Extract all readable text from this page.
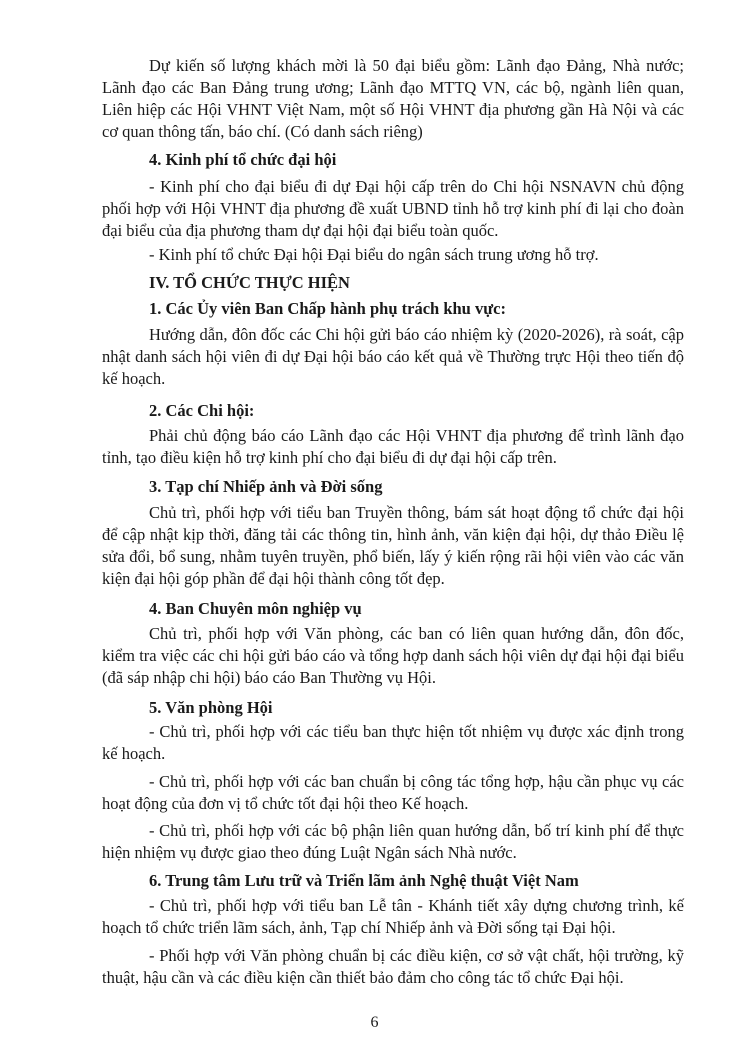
Dự kiến số lượng khách mời là 50 đại biểu gồm: Lãnh đạo Đảng, Nhà nước; Lãnh đạo các Ban Đảng trung ương; Lãnh đạo MTTQ VN, các bộ, ngành liên quan, Liên hiệp các Hội VHNT Việt Nam, một số Hội VHNT địa phương gần Hà Nội và các cơ quan thông tấn, báo chí. (Có danh sách riêng)

4. Kinh phí tổ chức đại hội

- Kinh phí cho đại biểu đi dự Đại hội cấp trên do Chi hội NSNAVN chủ động phối hợp với Hội VHNT địa phương đề xuất UBND tỉnh hỗ trợ kinh phí đi lại cho đoàn đại biểu của địa phương tham dự đại hội đại biểu toàn quốc.

- Kinh phí tổ chức Đại hội Đại biểu do ngân sách trung ương hỗ trợ.

IV. TỔ CHỨC THỰC HIỆN

1. Các Ủy viên Ban Chấp hành phụ trách khu vực:

Hướng dẫn, đôn đốc các Chi hội gửi báo cáo nhiệm kỳ (2020-2026), rà soát, cập nhật danh sách hội viên đi dự Đại hội báo cáo kết quả về Thường trực Hội theo tiến độ kế hoạch.

2. Các Chi hội:

Phải chủ động báo cáo Lãnh đạo các Hội VHNT địa phương để trình lãnh đạo tỉnh, tạo điều kiện hỗ trợ kinh phí cho đại biểu đi dự đại hội cấp trên.

3. Tạp chí Nhiếp ảnh và Đời sống

Chủ trì, phối hợp với tiểu ban Truyền thông, bám sát hoạt động tổ chức đại hội để cập nhật kịp thời, đăng tải các thông tin, hình ảnh, văn kiện đại hội, dự thảo Điều lệ sửa đổi, bổ sung, nhằm tuyên truyền, phổ biến, lấy ý kiến rộng rãi hội viên vào các văn kiện đại hội góp phần để đại hội thành công tốt đẹp.

4. Ban Chuyên môn nghiệp vụ

Chủ trì, phối hợp với Văn phòng, các ban có liên quan hướng dẫn, đôn đốc, kiểm tra việc các chi hội gửi báo cáo và tổng hợp danh sách hội viên dự đại hội đại biểu (đã sáp nhập chi hội) báo cáo Ban Thường vụ Hội.

5. Văn phòng Hội

- Chủ trì, phối hợp với các tiểu ban thực hiện tốt nhiệm vụ được xác định trong kế hoạch.

- Chủ trì, phối hợp với các ban chuẩn bị công tác tổng hợp, hậu cần phục vụ các hoạt động của đơn vị tổ chức tốt đại hội theo Kế hoạch.

- Chủ trì, phối hợp với các bộ phận liên quan hướng dẫn, bố trí kinh phí để thực hiện nhiệm vụ được giao theo đúng Luật Ngân sách Nhà nước.

6. Trung tâm Lưu trữ và Triển lãm ảnh Nghệ thuật Việt Nam

- Chủ trì, phối hợp với tiểu ban Lễ tân - Khánh tiết xây dựng chương trình, kế hoạch tổ chức triển lãm sách, ảnh, Tạp chí Nhiếp ảnh và Đời sống tại Đại hội.

- Phối hợp với Văn phòng chuẩn bị các điều kiện, cơ sở vật chất, hội trường, kỹ thuật, hậu cần và các điều kiện cần thiết bảo đảm cho công tác tổ chức Đại hội.

6
